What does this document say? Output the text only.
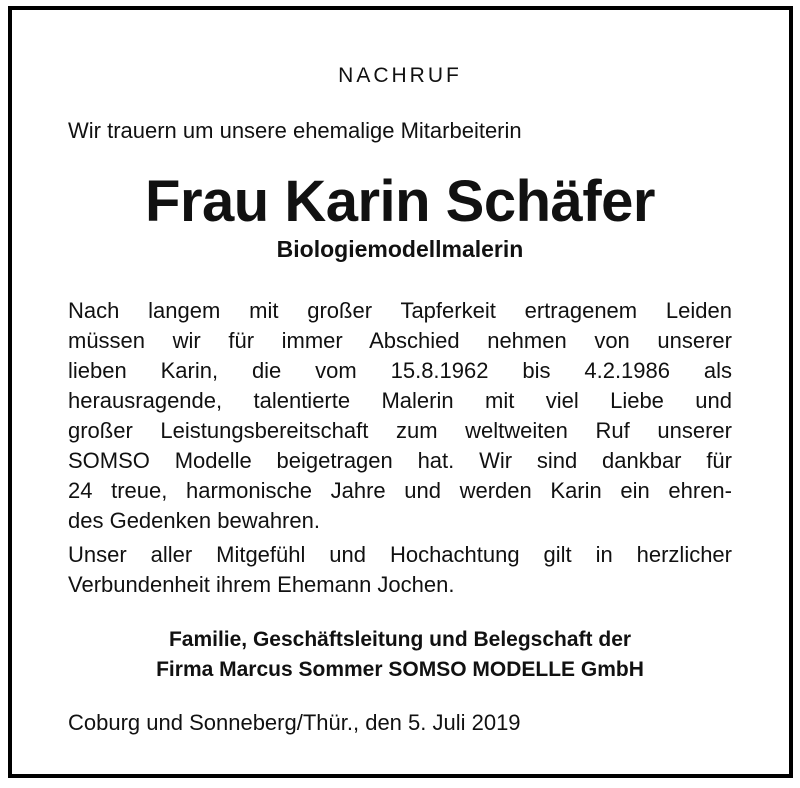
NACHRUF
Wir trauern um unsere ehemalige Mitarbeiterin
Frau Karin Schäfer
Biologiemodellmalerin
Nach langem mit großer Tapferkeit ertragenem Leiden
müssen wir für immer Abschied nehmen von unserer
lieben Karin, die vom 15.8.1962 bis 4.2.1986 als
herausragende, talentierte Malerin mit viel Liebe und
großer Leistungsbereitschaft zum weltweiten Ruf unserer
SOMSO Modelle beigetragen hat. Wir sind dankbar für
24 treue, harmonische Jahre und werden Karin ein ehren-
des Gedenken bewahren.
Unser aller Mitgefühl und Hochachtung gilt in herzlicher
Verbundenheit ihrem Ehemann Jochen.
Familie, Geschäftsleitung und Belegschaft der
Firma Marcus Sommer SOMSO MODELLE GmbH
Coburg und Sonneberg/Thür., den 5. Juli 2019
